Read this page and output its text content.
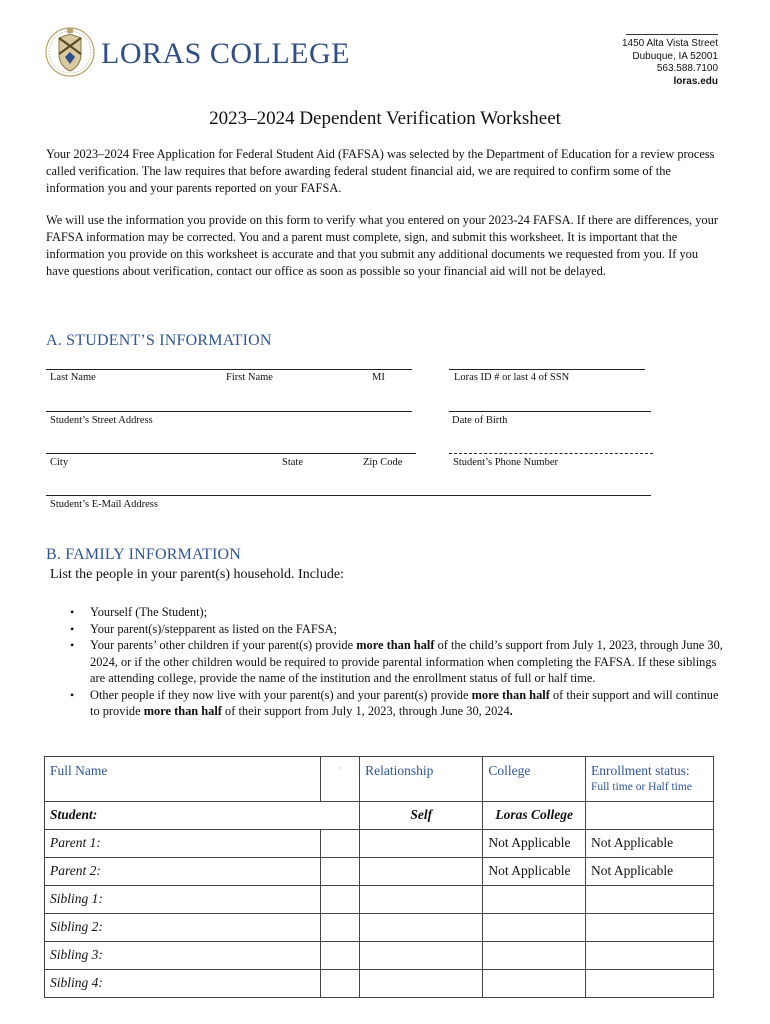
LORAS COLLEGE	1450 Alta Vista Street
Dubuque, IA 52001
563.588.7100
loras.edu
2023–2024 Dependent Verification Worksheet

Your 2023–2024 Free Application for Federal Student Aid (FAFSA) was selected by the Department of Education for a review process called verification. The law requires that before awarding federal student financial aid, we are required to confirm some of the information you and your parents reported on your FAFSA.

We will use the information you provide on this form to verify what you entered on your 2023-24 FAFSA. If there are differences, your FAFSA information may be corrected. You and a parent must complete, sign, and submit this worksheet. It is important that the information you provide on this worksheet is accurate and that you submit any additional documents we requested from you. If you have questions about verification, contact our office as soon as possible so your financial aid will not be delayed.

A. STUDENT’S INFORMATION
Last Name	First Name	MI	Loras ID # or last 4 of SSN
Student’s Street Address	Date of Birth
City	State	Zip Code	Student’s Phone Number
Student’s E-Mail Address
B. FAMILY INFORMATION
List the people in your parent(s) household. Include:
• Yourself (The Student);
• Your parent(s)/stepparent as listed on the FAFSA;
• Your parents’ other children if your parent(s) provide more than half of the child’s support from July 1, 2023, through June 30, 2024, or if the other children would be required to provide parental information when completing the FAFSA. If these siblings are attending college, provide the name of the institution and the enrollment status of full or half time.
• Other people if they now live with your parent(s) and your parent(s) provide more than half of their support and will continue to provide more than half of their support from July 1, 2023, through June 30, 2024.
Full Name	·	Relationship	College	Enrollment status:
Full time or Half time

Student:		Self	Loras College	
Parent 1:			Not Applicable	Not Applicable
Parent 2:			Not Applicable	Not Applicable
Sibling 1:				
Sibling 2:				
Sibling 3:				
Sibling 4:				
